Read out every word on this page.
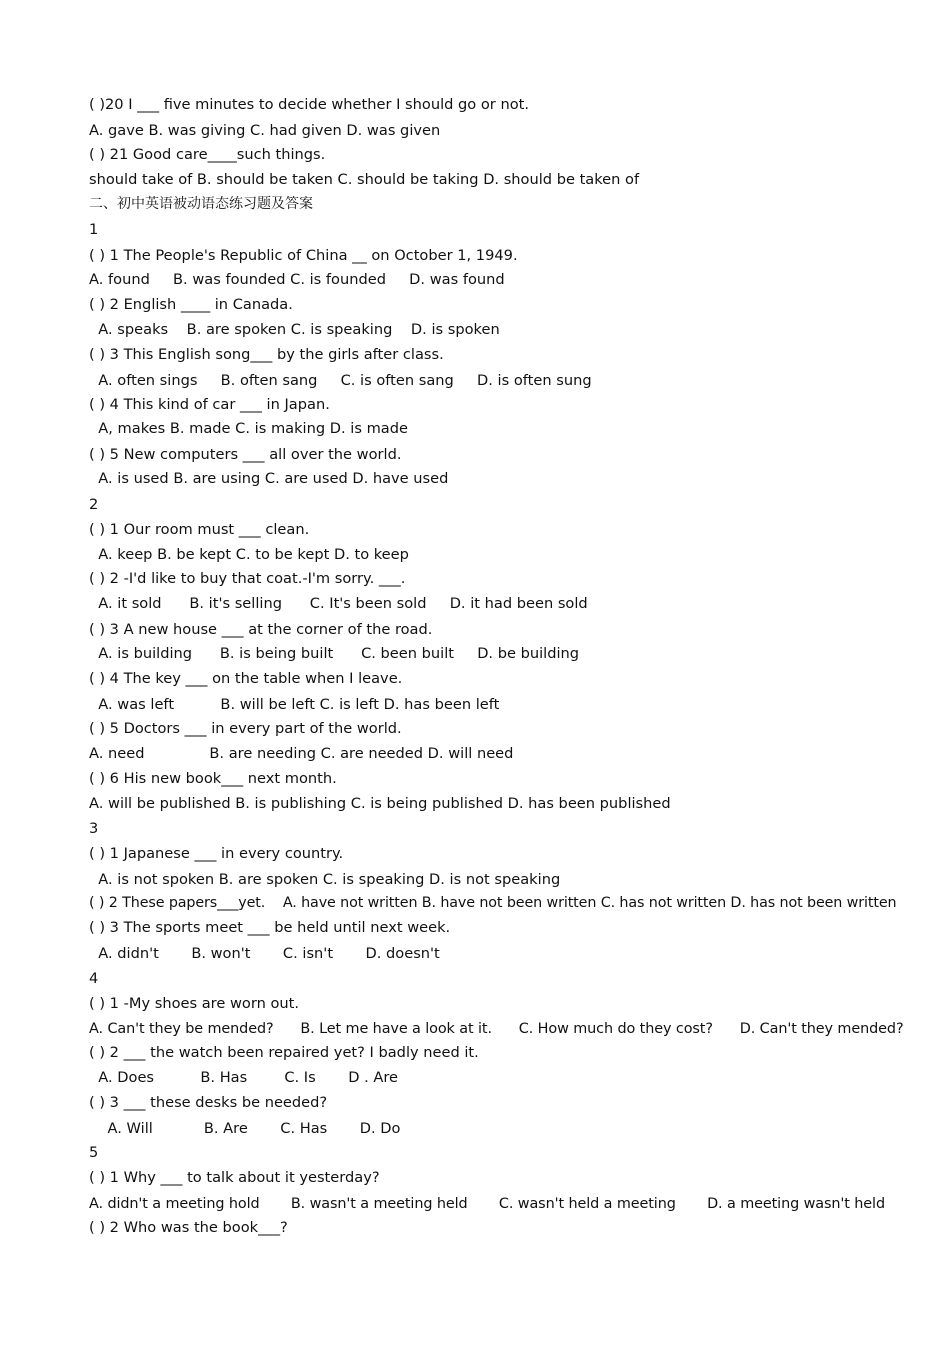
( )20 I ___ five minutes to decide whether I should go or not.

A. gave B. was giving C. had given D. was given

( ) 21 Good care____such things.

should take of B. should be taken C. should be taking D. should be taken of

二、初中英语被动语态练习题及答案

1

( ) 1 The People's Republic of China __ on October 1, 1949.

A. found     B. was founded C. is founded     D. was found

( ) 2 English ____ in Canada.

A. speaks    B. are spoken C. is speaking    D. is spoken

( ) 3 This English song___ by the girls after class.

A. often sings     B. often sang     C. is often sang     D. is often sung

( ) 4 This kind of car ___ in Japan.

A, makes B. made C. is making D. is made

( ) 5 New computers ___ all over the world.

A. is used B. are using C. are used D. have used

2

( ) 1 Our room must ___ clean.

A. keep B. be kept C. to be kept D. to keep

( ) 2 -I'd like to buy that coat.-I'm sorry. ___.

A. it sold      B. it's selling      C. It's been sold     D. it had been sold

( ) 3 A new house ___ at the corner of the road.

A. is building      B. is being built      C. been built     D. be building

( ) 4 The key ___ on the table when I leave.

A. was left          B. will be left C. is left D. has been left

( ) 5 Doctors ___ in every part of the world.

A. need              B. are needing C. are needed D. will need

( ) 6 His new book___ next month.

A. will be published B. is publishing C. is being published D. has been published

3

( ) 1 Japanese ___ in every country.

A. is not spoken B. are spoken C. is speaking D. is not speaking

( ) 2 These papers___yet.    A. have not written B. have not been written C. has not written D. has not been written

( ) 3 The sports meet ___ be held until next week.

A. didn't       B. won't       C. isn't       D. doesn't

4

( ) 1 -My shoes are worn out.

A. Can't they be mended?      B. Let me have a look at it.      C. How much do they cost?      D. Can't they mended?

( ) 2 ___ the watch been repaired yet? I badly need it.

A. Does          B. Has        C. Is       D . Are

( ) 3 ___ these desks be needed?

A. Will           B. Are       C. Has       D. Do

5

( ) 1 Why ___ to talk about it yesterday?

A. didn't a meeting hold       B. wasn't a meeting held       C. wasn't held a meeting       D. a meeting wasn't held

( ) 2 Who was the book___?
